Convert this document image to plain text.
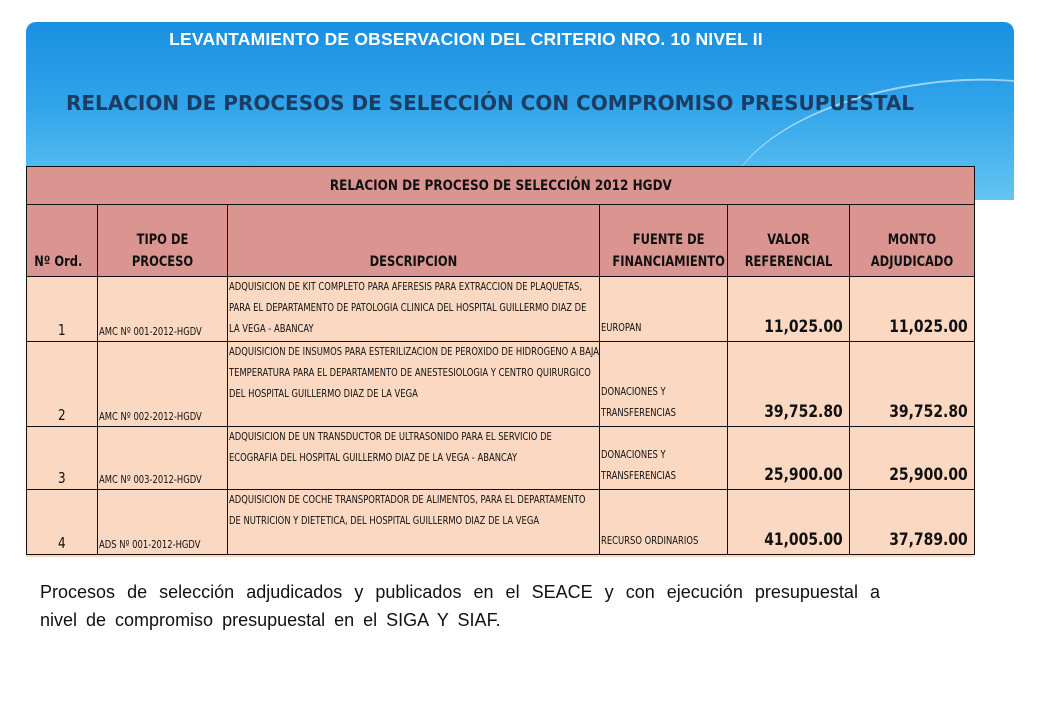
LEVANTAMIENTO DE OBSERVACION DEL CRITERIO NRO. 10 NIVEL II
RELACION DE PROCESOS DE SELECCIÓN CON COMPROMISO PRESUPUESTAL
RELACION DE PROCESO DE SELECCIÓN 2012 HGDV					
Nº Ord.	TIPO DE PROCESO	DESCRIPCION	FUENTE DE FINANCIAMIENTO	VALOR REFERENCIAL	MONTO ADJUDICADO
1	AMC Nº 001-2012-HGDV	ADQUISICION DE KIT COMPLETO PARA AFERESIS PARA EXTRACCION DE PLAQUETAS, PARA EL DEPARTAMENTO DE PATOLOGIA CLINICA DEL HOSPITAL GUILLERMO DIAZ DE LA VEGA - ABANCAY	EUROPAN	11,025.00	11,025.00
2	AMC Nº 002-2012-HGDV	ADQUISICION DE INSUMOS PARA ESTERILIZACION DE PEROXIDO DE HIDROGENO A BAJA TEMPERATURA PARA EL DEPARTAMENTO DE ANESTESIOLOGIA Y CENTRO QUIRURGICO DEL HOSPITAL GUILLERMO DIAZ DE LA VEGA	DONACIONES Y TRANSFERENCIAS	39,752.80	39,752.80
3	AMC Nº 003-2012-HGDV	ADQUISICION DE UN TRANSDUCTOR DE ULTRASONIDO PARA EL SERVICIO DE ECOGRAFIA DEL HOSPITAL GUILLERMO DIAZ DE LA VEGA - ABANCAY	DONACIONES Y TRANSFERENCIAS	25,900.00	25,900.00
4	ADS Nº 001-2012-HGDV	ADQUISICION DE COCHE TRANSPORTADOR DE ALIMENTOS, PARA EL DEPARTAMENTO DE NUTRICION Y DIETETICA, DEL HOSPITAL GUILLERMO DIAZ DE LA VEGA	RECURSO ORDINARIOS	41,005.00	37,789.00
Procesos de selección adjudicados y publicados en el SEACE y con ejecución presupuestal a nivel de compromiso presupuestal en el SIGA Y SIAF.
